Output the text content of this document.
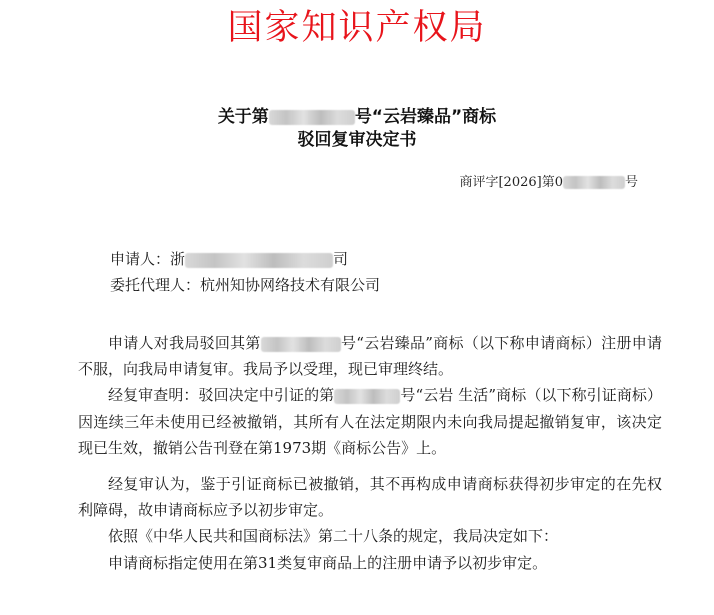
国家知识产权局
关于第	号“云岩臻品”商标
驳回复审决定书
商评字[2026]第0	号
申请人：浙	司
委托代理人：杭州知协网络技术有限公司

申请人对我局驳回其第	号“云岩臻品”商标（以下称申请商标）注册申请不服，向我局申请复审。我局予以受理，现已审理终结。

经复审查明：驳回决定中引证的第	号“云岩 生活”商标（以下称引证商标）因连续三年未使用已经被撤销，其所有人在法定期限内未向我局提起撤销复审，该决定现已生效，撤销公告刊登在第1973期《商标公告》上。

经复审认为，鉴于引证商标已被撤销，其不再构成申请商标获得初步审定的在先权利障碍，故申请商标应予以初步审定。

依照《中华人民共和国商标法》第二十八条的规定，我局决定如下：

申请商标指定使用在第31类复审商品上的注册申请予以初步审定。
